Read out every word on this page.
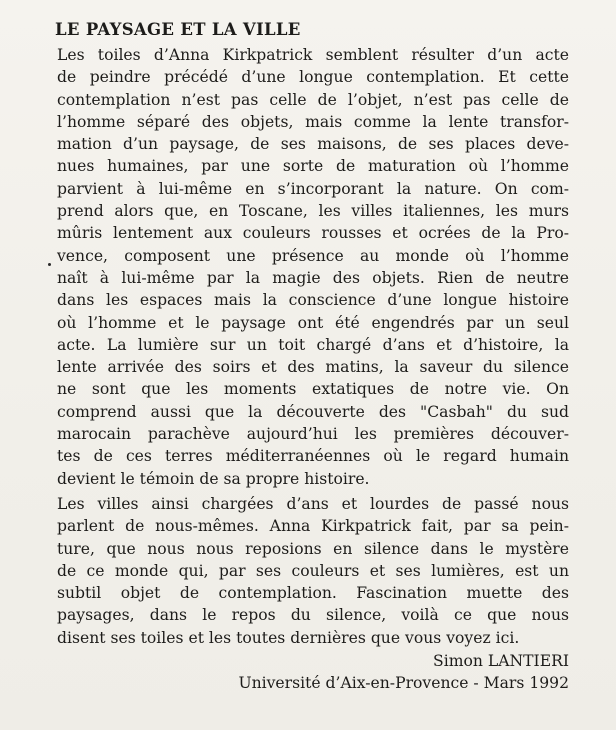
LE PAYSAGE ET LA VILLE

Les toiles d’Anna Kirkpatrick semblent résulter d’un acte
de peindre précédé d’une longue contemplation. Et cette
contemplation n’est pas celle de l’objet, n’est pas celle de
l’homme séparé des objets, mais comme la lente transfor-
mation d’un paysage, de ses maisons, de ses places deve-
nues humaines, par une sorte de maturation où l’homme
parvient à lui-même en s’incorporant la nature. On com-
prend alors que, en Toscane, les villes italiennes, les murs
mûris lentement aux couleurs rousses et ocrées de la Pro-
vence, composent une présence au monde où l’homme
naît à lui-même par la magie des objets. Rien de neutre
dans les espaces mais la conscience d’une longue histoire
où l’homme et le paysage ont été engendrés par un seul
acte. La lumière sur un toit chargé d’ans et d’histoire, la
lente arrivée des soirs et des matins, la saveur du silence
ne sont que les moments extatiques de notre vie. On
comprend aussi que la découverte des "Casbah" du sud
marocain parachève aujourd’hui les premières découver-
tes de ces terres méditerranéennes où le regard humain
devient le témoin de sa propre histoire.

Les villes ainsi chargées d’ans et lourdes de passé nous
parlent de nous-mêmes. Anna Kirkpatrick fait, par sa pein-
ture, que nous nous reposions en silence dans le mystère
de ce monde qui, par ses couleurs et ses lumières, est un
subtil objet de contemplation. Fascination muette des
paysages, dans le repos du silence, voilà ce que nous
disent ses toiles et les toutes dernières que vous voyez ici.

Simon LANTIERI
Université d’Aix-en-Provence - Mars 1992
